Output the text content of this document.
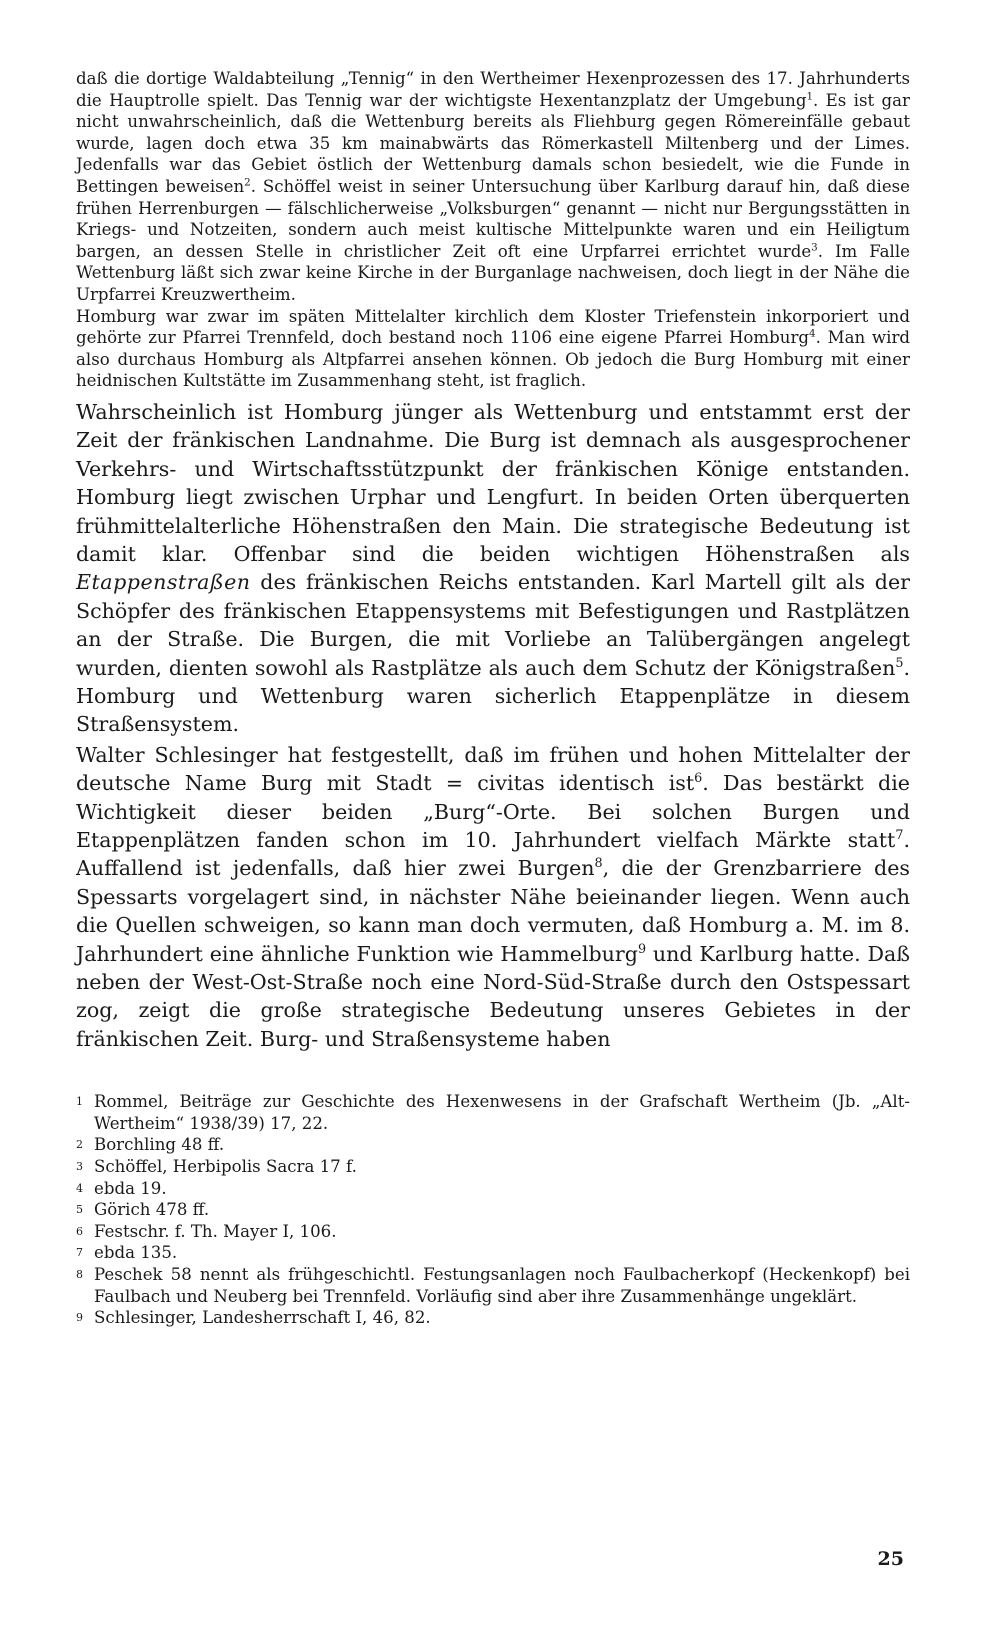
daß die dortige Waldabteilung „Tennig“ in den Wertheimer Hexenprozessen des 17. Jahrhunderts die Hauptrolle spielt. Das Tennig war der wichtigste Hexentanzplatz der Umgebung$^1$. Es ist gar nicht unwahrscheinlich, daß die Wettenburg bereits als Fliehburg gegen Römereinfälle gebaut wurde, lagen doch etwa 35 km mainabwärts das Römerkastell Miltenberg und der Limes. Jedenfalls war das Gebiet östlich der Wettenburg damals schon besiedelt, wie die Funde in Bettingen beweisen$^2$. Schöffel weist in seiner Untersuchung über Karlburg darauf hin, daß diese frühen Herrenburgen — fälschlicherweise „Volksburgen“ genannt — nicht nur Bergungsstätten in Kriegs- und Notzeiten, sondern auch meist kultische Mittelpunkte waren und ein Heiligtum bargen, an dessen Stelle in christlicher Zeit oft eine Urpfarrei errichtet wurde$^3$. Im Falle Wettenburg läßt sich zwar keine Kirche in der Burganlage nachweisen, doch liegt in der Nähe die Urpfarrei Kreuzwertheim.

Homburg war zwar im späten Mittelalter kirchlich dem Kloster Triefenstein inkorporiert und gehörte zur Pfarrei Trennfeld, doch bestand noch 1106 eine eigene Pfarrei Homburg$^4$. Man wird also durchaus Homburg als Altpfarrei ansehen können. Ob jedoch die Burg Homburg mit einer heidnischen Kultstätte im Zusammenhang steht, ist fraglich.

Wahrscheinlich ist Homburg jünger als Wettenburg und entstammt erst der Zeit der fränkischen Landnahme. Die Burg ist demnach als ausgesprochener Verkehrs- und Wirtschaftsstützpunkt der fränkischen Könige entstanden. Homburg liegt zwischen Urphar und Lengfurt. In beiden Orten überquerten frühmittelalterliche Höhenstraßen den Main. Die strategische Bedeutung ist damit klar. Offenbar sind die beiden wichtigen Höhenstraßen als Etappenstraßen des fränkischen Reichs entstanden. Karl Martell gilt als der Schöpfer des fränkischen Etappensystems mit Befestigungen und Rastplätzen an der Straße. Die Burgen, die mit Vorliebe an Talübergängen angelegt wurden, dienten sowohl als Rastplätze als auch dem Schutz der Königstraßen$^5$. Homburg und Wettenburg waren sicherlich Etappenplätze in diesem Straßensystem.

Walter Schlesinger hat festgestellt, daß im frühen und hohen Mittelalter der deutsche Name Burg mit Stadt = civitas identisch ist$^6$. Das bestärkt die Wichtigkeit dieser beiden „Burg“-Orte. Bei solchen Burgen und Etappenplätzen fanden schon im 10. Jahrhundert vielfach Märkte statt$^7$. Auffallend ist jedenfalls, daß hier zwei Burgen$^8$, die der Grenzbarriere des Spessarts vorgelagert sind, in nächster Nähe beieinander liegen. Wenn auch die Quellen schweigen, so kann man doch vermuten, daß Homburg a. M. im 8. Jahrhundert eine ähnliche Funktion wie Hammelburg$^9$ und Karlburg hatte. Daß neben der West-Ost-Straße noch eine Nord-Süd-Straße durch den Ostspessart zog, zeigt die große strategische Bedeutung unseres Gebietes in der fränkischen Zeit. Burg- und Straßensysteme haben

1 Rommel, Beiträge zur Geschichte des Hexenwesens in der Grafschaft Wertheim (Jb. „Alt-Wertheim“ 1938/39) 17, 22.
2 Borchling 48 ff.
3 Schöffel, Herbipolis Sacra 17 f.
4 ebda 19.
5 Görich 478 ff.
6 Festschr. f. Th. Mayer I, 106.
7 ebda 135.
8 Peschek 58 nennt als frühgeschichtl. Festungsanlagen noch Faulbacherkopf (Heckenkopf) bei Faulbach und Neuberg bei Trennfeld. Vorläufig sind aber ihre Zusammenhänge ungeklärt.
9 Schlesinger, Landesherrschaft I, 46, 82.
25
